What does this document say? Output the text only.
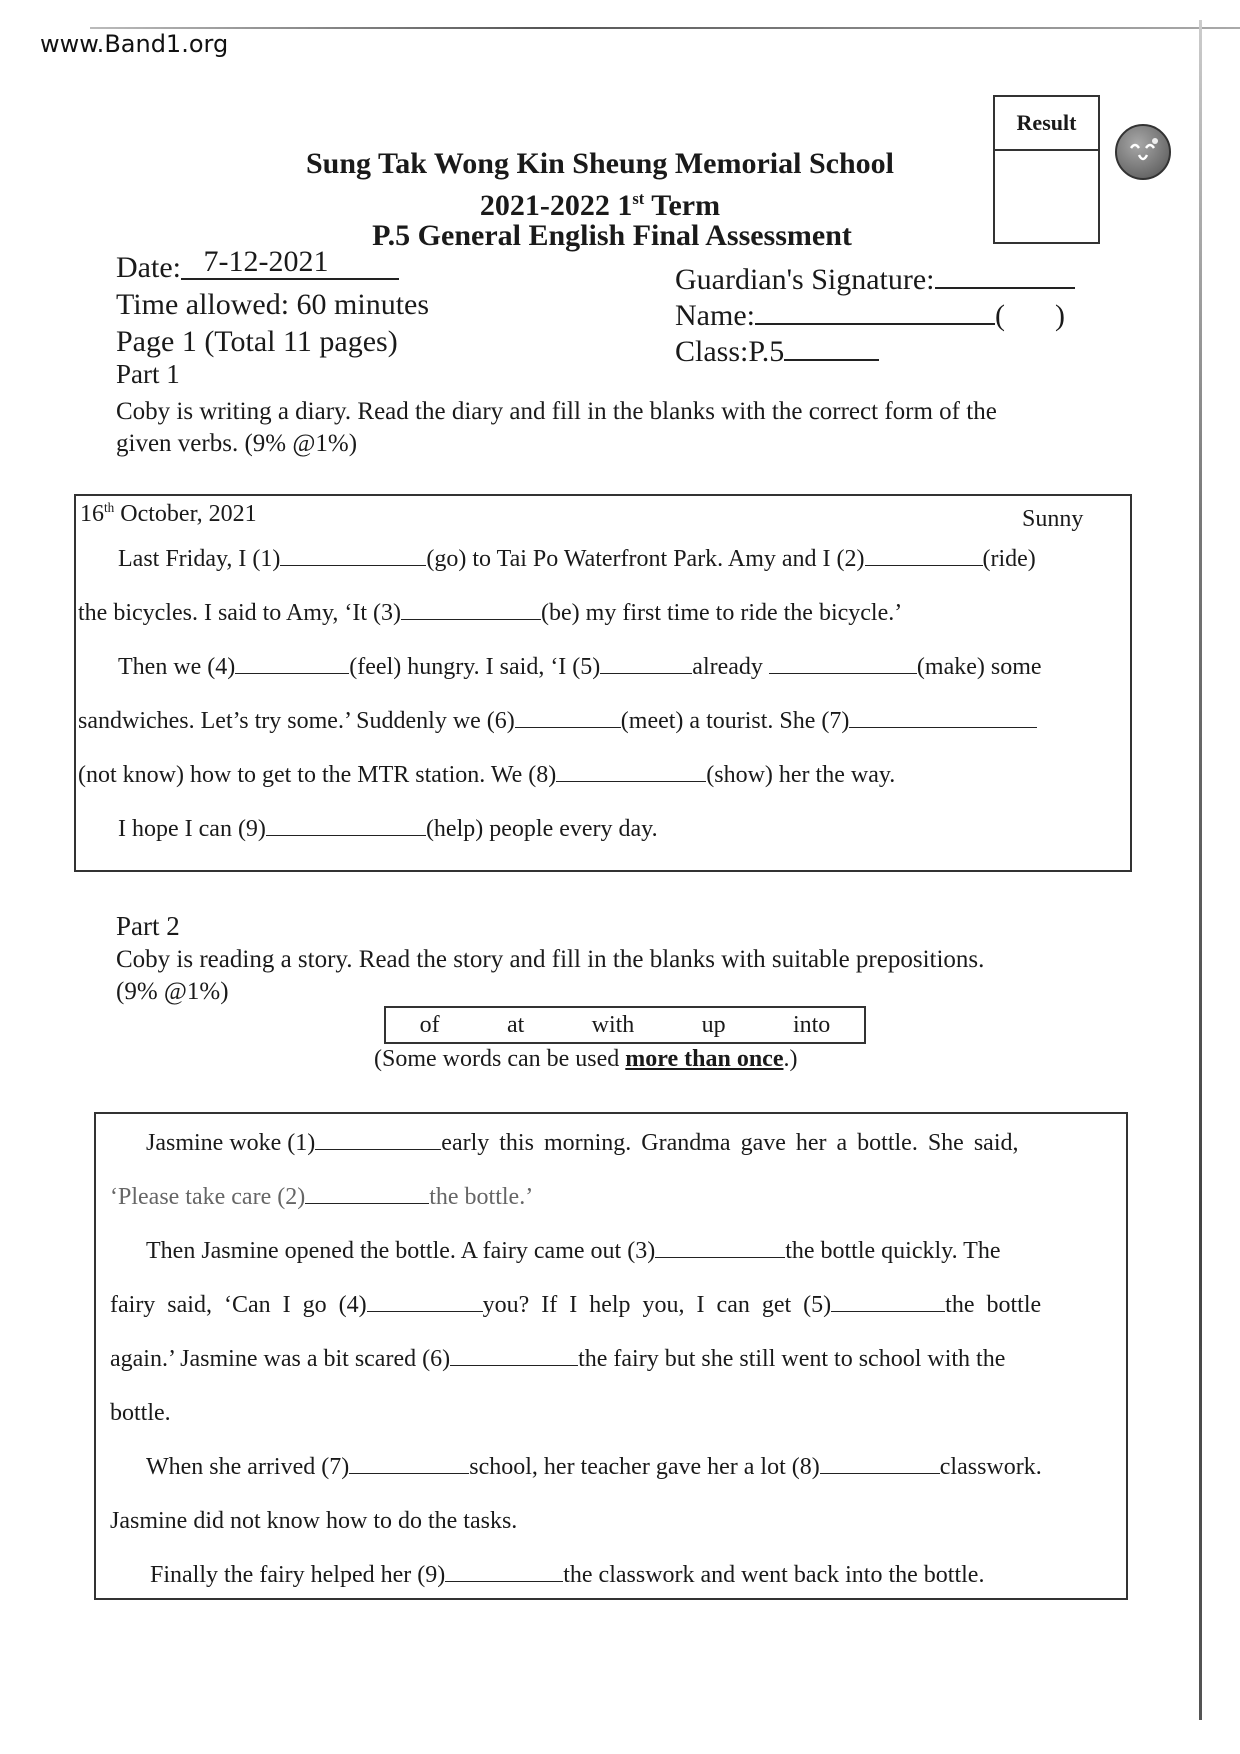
www.Band1.org
Sung Tak Wong Kin Sheung Memorial School
2021-2022 1st Term
P.5 General English Final Assessment
Result
Date: 7-12-2021
Time allowed: 60 minutes
Page 1 (Total 11 pages)
Guardian's Signature:
Name:	( )
Class:P.5
Part 1
Coby is writing a diary. Read the diary and fill in the blanks with the correct form of the
given verbs. (9% @1%)
16th October, 2021	Sunny
Last Friday, I (1)	(go) to Tai Po Waterfront Park. Amy and I (2)	(ride)
the bicycles. I said to Amy, ‘It (3)	(be) my first time to ride the bicycle.’
Then we (4)	(feel) hungry. I said, ‘I (5)	already	(make) some
sandwiches. Let’s try some.’ Suddenly we (6)	(meet) a tourist. She (7)
(not know) how to get to the MTR station. We (8)	(show) her the way.
I hope I can (9)	(help) people every day.
Part 2
Coby is reading a story. Read the story and fill in the blanks with suitable prepositions.
(9% @1%)
of	at	with	up	into
(Some words can be used more than once.)
Jasmine woke (1)	early this morning. Grandma gave her a bottle. She said,
‘Please take care (2)	the bottle.’
Then Jasmine opened the bottle. A fairy came out (3)	the bottle quickly. The
fairy said, ‘Can I go (4)	you? If I help you, I can get (5)	the bottle
again.’ Jasmine was a bit scared (6)	the fairy but she still went to school with the
bottle.
When she arrived (7)	school, her teacher gave her a lot (8)	classwork.
Jasmine did not know how to do the tasks.
Finally the fairy helped her (9)	the classwork and went back into the bottle.
